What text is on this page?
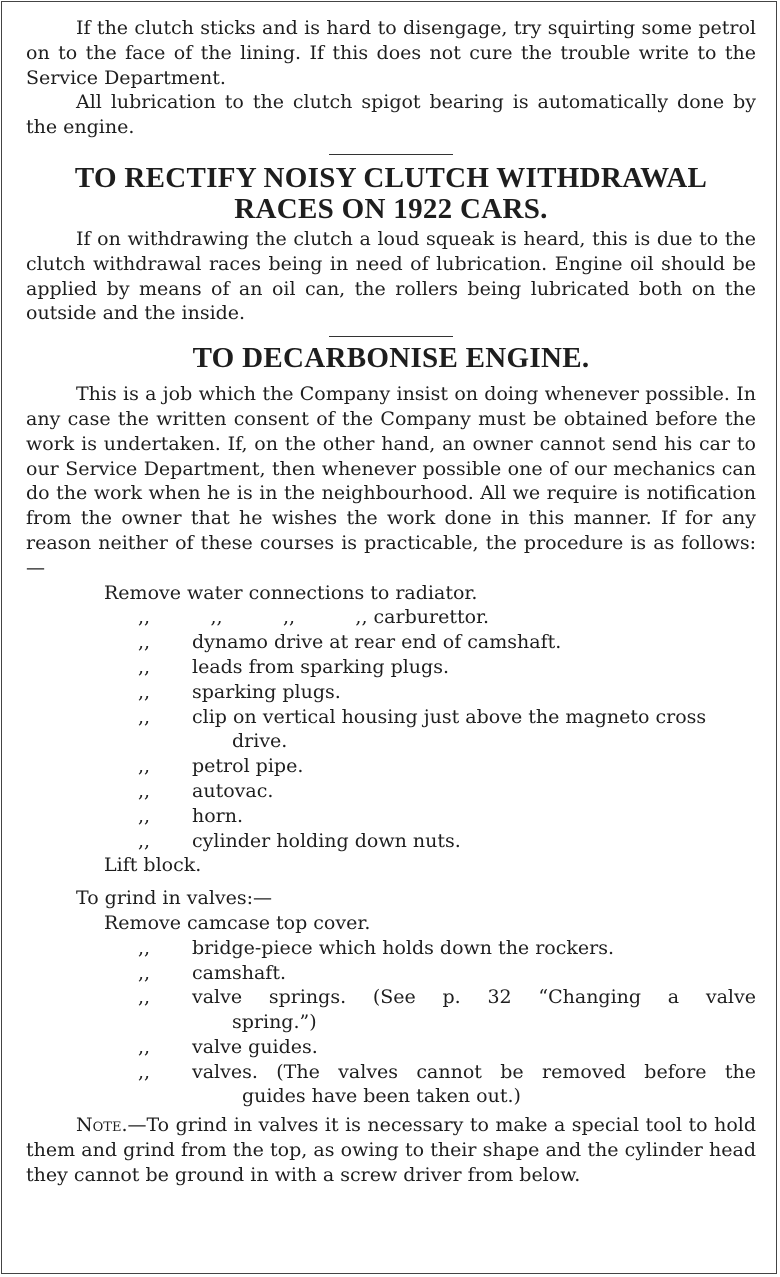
If the clutch sticks and is hard to disengage, try squirting some petrol on to the face of the lining. If this does not cure the trouble write to the Service Department.

All lubrication to the clutch spigot bearing is automatically done by the engine.

TO RECTIFY NOISY CLUTCH WITHDRAWAL
RACES ON 1922 CARS.

If on withdrawing the clutch a loud squeak is heard, this is due to the clutch withdrawal races being in need of lubrication. Engine oil should be applied by means of an oil can, the rollers being lubricated both on the outside and the inside.

TO DECARBONISE ENGINE.

This is a job which the Company insist on doing whenever possible. In any case the written consent of the Company must be obtained before the work is undertaken. If, on the other hand, an owner cannot send his car to our Service Department, then whenever possible one of our mechanics can do the work when he is in the neighbourhood. All we require is notification from the owner that he wishes the work done in this manner. If for any reason neither of these courses is practicable, the procedure is as follows:—

Remove water connections to radiator.
,,          ,,          ,,          ,, carburettor.
,, dynamo drive at rear end of camshaft.
,, leads from sparking plugs.
,, sparking plugs.
,, clip on vertical housing just above the magneto cross
drive.
,, petrol pipe.
,, autovac.
,, horn.
,, cylinder holding down nuts.
Lift block.
To grind in valves:—
Remove camcase top cover.
,, bridge-piece which holds down the rockers.
,, camshaft.
,, valve springs. (See p. 32 “Changing a valve
spring.”)
,, valve guides.
,, valves. (The valves cannot be removed before the
guides have been taken out.)

Note.—To grind in valves it is necessary to make a special tool to hold them and grind from the top, as owing to their shape and the cylinder head they cannot be ground in with a screw driver from below.
